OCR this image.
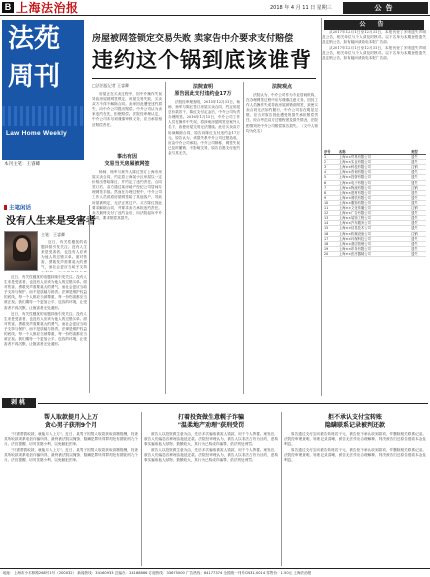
B 上海法治报	2018 年 4 月 11 日 星期三	公告
法苑
周刊
Law Home Weekly
本刊主笔：王睿卿
房屋被网签锁定交易失败 卖家告中介要求支付赔偿
违约这个锅到底该谁背
□法治报记者 王睿卿

房屋正在买卖过程中，因中介操作失误导致房屋被网签锁定，房屋交易失败，买卖双方不得不解除合同。卖家因此遭受违约损失，向中介公司提出赔偿。中介公司认为卖家违约在先，拒绝赔偿。法院经审理认定，中介公司未尽到谨慎审核义务，应当承担相应赔偿责任。

事出有因
交易当天房屋被网签

杨师、杨军与案外人陈红签订上海市房屋买卖合同，约定将上海某小区房屋以一定价格出售给陈红，并约定了违约责任。合同签订后，双方通过某房地产经纪公司居间办理网签手续。然而在办理过程中，中介公司工作人员误将房屋网签给了其他客户，导致房屋被锁定，无法正常过户。买方陈红因此要求解除合同，并要求卖方承担违约责任。卖方最终支付了违约金后，向法院起诉中介公司，要求赔偿其损失。

法院查明
原告因此支付违约金17万

法院经审理查明，2015年12月31日，杨师、杨军与陈红签订房屋买卖合同，约定房屋总价款若干，陈红支付定金后，中介公司负责办理网签。2016年1月15日，中介公司工作人员在操作中失误，将涉案房屋网签至案外人名下，致使房屋交易无法继续。此后买卖双方协商解除合同，原告向陈红支付违约金17万元。原告认为，该损失系中介公司过错造成，应由中介公司承担。中介公司辩称，网签失误已及时撤销，不影响交易，原告自愿支付违约金与其无关。

法院观点

法院认为，中介公司作为专业居间机构，在办理网签过程中应尽谨慎注意义务。因其工作人员操作失误导致房屋被错误网签，致使买卖合同无法如约履行，中介公司存在明显过错，应当对原告因此遭受的损失承担赔偿责任。综合考虑双方过错程度及损失情况，法院酌情判决中介公司赔偿原告损失。（文中人物均为化名）

主笔闲话
没有人生来是受害者
主笔：王睿卿

近日，有关性骚扰的话题持续引发关注。没有人生来是受害者，也没有人应该为他人的过错买单。面对伤害，勇敢发声需要莫大的勇气，而社会更应当给予支持

近日，有关性骚扰的话题持续引发关注。没有人生来是受害者，也没有人应该为他人的过错买单。面对伤害，勇敢发声需要莫大的勇气，而社会更应当给予支持与保护，而不是质疑与指责。法律是维护权益的底线，每一个人都应当被尊重，每一份伤害都应当被正视。我们期待一个更加公平、包容的环境，让受害者不再沉默，让施害者无处遁形。

近日，有关性骚扰的话题持续引发关注。没有人生来是受害者，也没有人应该为他人的过错买单。面对伤害，勇敢发声需要莫大的勇气，而社会更应当给予支持与保护，而不是质疑与指责。法律是维护权益的底线，每一个人都应当被尊重，每一份伤害都应当被正视。我们期待一个更加公平、包容的环境，让受害者不再沉默，让施害者无处遁形。

公 告

从2017年12月1日至12月31日，本报刊登了多则遗失声明及公告，相关单位与个人请及时核对。以下名单为本期登报遗失及注销公告，如有疑问请致电本报广告部。

从2017年12月1日至12月31日，本报刊登了多则遗失声明及公告，相关单位与个人请及时核对。以下名单为本期登报遗失及注销公告，如有疑问请致电本报广告部。

序号	名称	类型
1	上海××贸易有限公司	遗失
2	上海××实业有限公司	遗失
3	上海××科技有限公司	注销
4	上海××咨询有限公司	遗失
5	上海××投资有限公司	遗失
6	上海××电子有限公司	遗失
7	上海××物流有限公司	注销
8	上海××建材有限公司	遗失
9	上海××餐饮有限公司	遗失
10	上海××服饰有限公司	遗失
11	上海××文化传播公司	注销
12	上海××广告有限公司	遗失
13	上海××装饰工程公司	遗失
14	上海××汽车服务公司	遗失
15	上海××信息技术公司	遗失
16	上海××机械设备公司	注销
17	上海××环保科技公司	遗失
18	上海××酒店管理公司	遗失
19	上海××印务有限公司	遗失
20	上海××医疗器械公司	遗失
剥桃
帮人取款提月入上万
贪心男子获刑9个月

"只需帮我取款，就能月入上万"。近日，某男子因帮人取款获取高额报酬，经查其所取款项系电信诈骗所得，最终被法院以掩饰、隐瞒犯罪所得罪判处有期徒刑九个月。法官提醒，切勿贪图小利，以免触犯法律。

"只需帮我取款，就能月入上万"。近日，某男子因帮人取款获取高额报酬，经查其所取款项系电信诈骗所得，最终被法院以掩饰、隐瞒犯罪所得罪判处有期徒刑九个月。法官提醒，切勿贪图小利，以免触犯法律。

打着投资做生意幌子诈骗
"温柔地产劝理"获刑受罚

被告人以投资做生意为由，先后多次骗取被害人钱款，用于个人挥霍。案发后，被告人仍编造各种理由拖延还款。法院经审理认为，被告人以非法占有为目的，虚构事实骗取他人财物，数额较大，其行为已构成诈骗罪，依法判处刑罚。

被告人以投资做生意为由，先后多次骗取被害人钱款，用于个人挥霍。案发后，被告人仍编造各种理由拖延还款。法院经审理认为，被告人以非法占有为目的，虚构事实骗取他人财物，数额较大，其行为已构成诈骗罪，依法判处刑罚。

拒不承认支付宝转账
隐瞒联系记录被判还款

原告通过支付宝向被告转账若干元，被告拒不承认收到款项，并删除相关联系记录。法院经审理查明，转账记录清晰，被告无法作出合理解释，判决被告归还原告借款本金及利息。

原告通过支付宝向被告转账若干元，被告拒不承认收到款项，并删除相关联系记录。法院经审理查明，转账记录清晰，被告无法作出合理解释，判决被告归还原告借款本金及利息。

地址：上海市小木桥路268号1号（200032） 新闻热线：34160933 总编办：24188866 订阅热线：33675000 广告热线：64177374 全国统一刊号CN31-0014 零售价：1.50元 上海法治报
